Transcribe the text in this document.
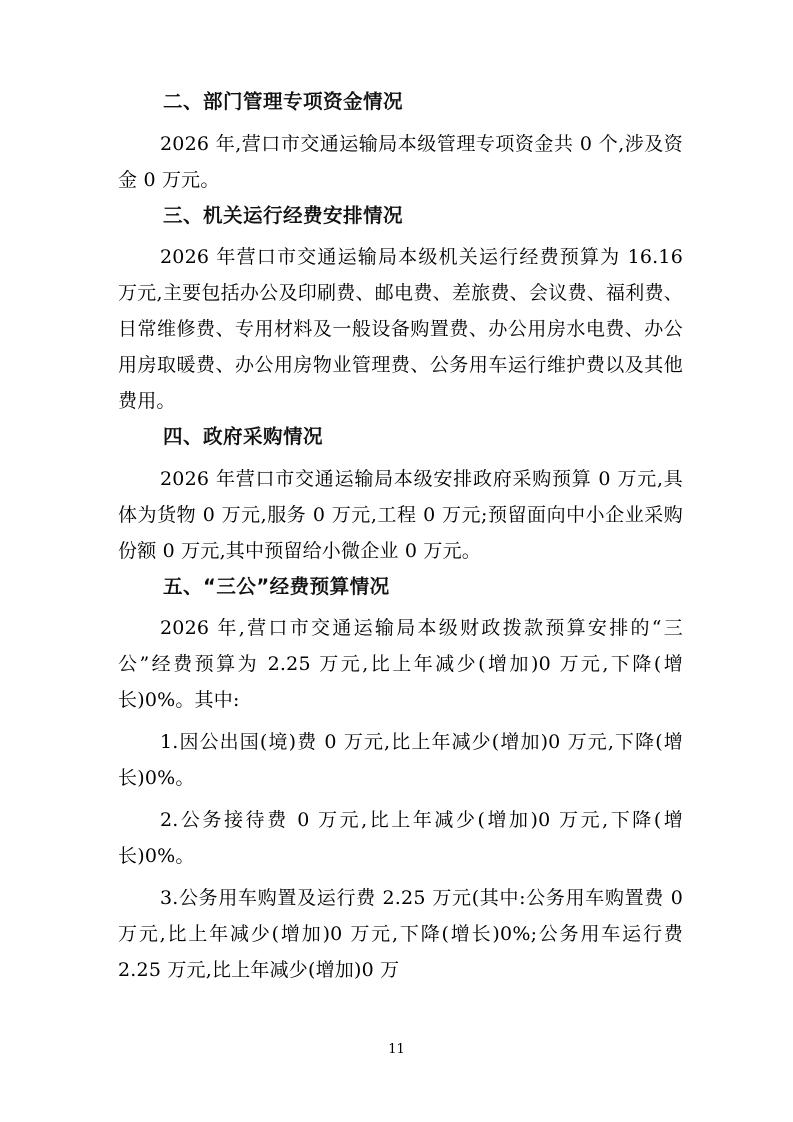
二、部门管理专项资金情况

2026 年,营口市交通运输局本级管理专项资金共 0 个,涉及资金 0 万元。

三、机关运行经费安排情况

2026 年营口市交通运输局本级机关运行经费预算为 16.16 万元,主要包括办公及印刷费、邮电费、差旅费、会议费、福利费、日常维修费、专用材料及一般设备购置费、办公用房水电费、办公用房取暖费、办公用房物业管理费、公务用车运行维护费以及其他费用。

四、政府采购情况

2026 年营口市交通运输局本级安排政府采购预算 0 万元,具体为货物 0 万元,服务 0 万元,工程 0 万元;预留面向中小企业采购份额 0 万元,其中预留给小微企业 0 万元。

五、“三公”经费预算情况

2026 年,营口市交通运输局本级财政拨款预算安排的“三公”经费预算为 2.25 万元,比上年减少(增加)0 万元,下降(增长)0%。其中:

1.因公出国(境)费 0 万元,比上年减少(增加)0 万元,下降(增长)0%。

2.公务接待费 0 万元,比上年减少(增加)0 万元,下降(增长)0%。

3.公务用车购置及运行费 2.25 万元(其中:公务用车购置费 0 万元,比上年减少(增加)0 万元,下降(增长)0%;公务用车运行费 2.25 万元,比上年减少(增加)0 万

11
